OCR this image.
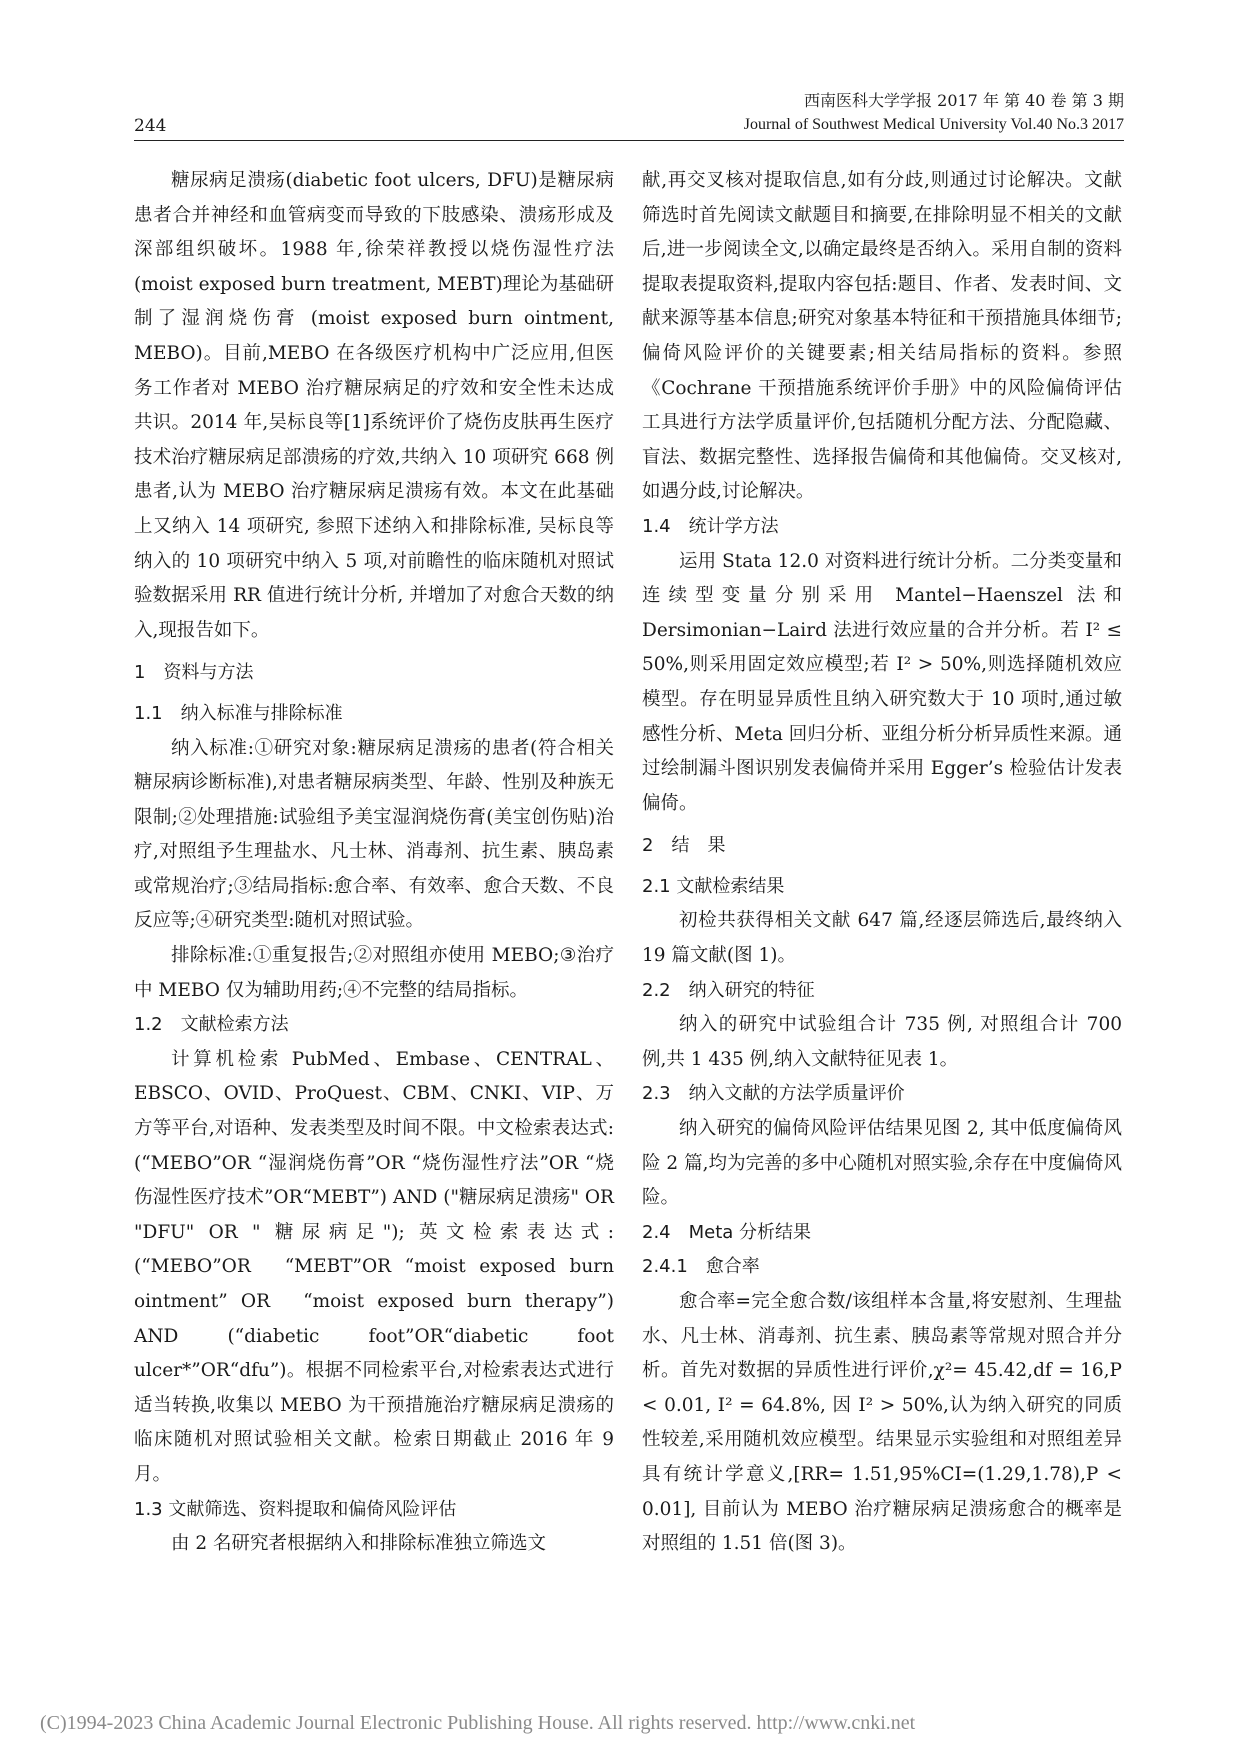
244
西南医科大学学报 2017 年 第 40 卷 第 3 期
Journal of Southwest Medical University Vol.40 No.3 2017

糖尿病足溃疡(diabetic foot ulcers, DFU)是糖尿病患者合并神经和血管病变而导致的下肢感染、溃疡形成及深部组织破坏。1988 年,徐荣祥教授以烧伤湿性疗法(moist exposed burn treatment, MEBT)理论为基础研制了湿润烧伤膏 (moist exposed burn ointment, MEBO)。目前,MEBO 在各级医疗机构中广泛应用,但医务工作者对 MEBO 治疗糖尿病足的疗效和安全性未达成共识。2014 年,吴标良等[1]系统评价了烧伤皮肤再生医疗技术治疗糖尿病足部溃疡的疗效,共纳入 10 项研究 668 例患者,认为 MEBO 治疗糖尿病足溃疡有效。本文在此基础上又纳入 14 项研究, 参照下述纳入和排除标准, 吴标良等纳入的 10 项研究中纳入 5 项,对前瞻性的临床随机对照试验数据采用 RR 值进行统计分析, 并增加了对愈合天数的纳入,现报告如下。

1　资料与方法
1.1　纳入标准与排除标准

纳入标准:①研究对象:糖尿病足溃疡的患者(符合相关糖尿病诊断标准),对患者糖尿病类型、年龄、性别及种族无限制;②处理措施:试验组予美宝湿润烧伤膏(美宝创伤贴)治疗,对照组予生理盐水、凡士林、消毒剂、抗生素、胰岛素或常规治疗;③结局指标:愈合率、有效率、愈合天数、不良反应等;④研究类型:随机对照试验。

排除标准:①重复报告;②对照组亦使用 MEBO;③治疗中 MEBO 仅为辅助用药;④不完整的结局指标。

1.2　文献检索方法

计算机检索 PubMed、Embase、CENTRAL、EBSCO、OVID、ProQuest、CBM、CNKI、VIP、万方等平台,对语种、发表类型及时间不限。中文检索表达式:(“MEBO”OR “湿润烧伤膏”OR “烧伤湿性疗法”OR “烧伤湿性医疗技术”OR“MEBT”) AND ("糖尿病足溃疡" OR "DFU" OR " 糖尿病足"); 英文检索表达式:(“MEBO”OR　“MEBT”OR “moist exposed burn ointment” OR　“moist exposed burn therapy”) AND (“diabetic foot”OR“diabetic foot ulcer*”OR“dfu”)。根据不同检索平台,对检索表达式进行适当转换,收集以 MEBO 为干预措施治疗糖尿病足溃疡的临床随机对照试验相关文献。检索日期截止 2016 年 9 月。

1.3 文献筛选、资料提取和偏倚风险评估

由 2 名研究者根据纳入和排除标准独立筛选文

献,再交叉核对提取信息,如有分歧,则通过讨论解决。文献筛选时首先阅读文献题目和摘要,在排除明显不相关的文献后,进一步阅读全文,以确定最终是否纳入。采用自制的资料提取表提取资料,提取内容包括:题目、作者、发表时间、文献来源等基本信息;研究对象基本特征和干预措施具体细节;偏倚风险评价的关键要素;相关结局指标的资料。参照《Cochrane 干预措施系统评价手册》中的风险偏倚评估工具进行方法学质量评价,包括随机分配方法、分配隐藏、盲法、数据完整性、选择报告偏倚和其他偏倚。交叉核对,如遇分歧,讨论解决。

1.4　统计学方法

运用 Stata 12.0 对资料进行统计分析。二分类变量和连续型变量分别采用 Mantel−Haenszel 法和 Dersimonian−Laird 法进行效应量的合并分析。若 I² ≤ 50%,则采用固定效应模型;若 I² > 50%,则选择随机效应模型。存在明显异质性且纳入研究数大于 10 项时,通过敏感性分析、Meta 回归分析、亚组分析分析异质性来源。通过绘制漏斗图识别发表偏倚并采用 Egger’s 检验估计发表偏倚。

2　结　果
2.1 文献检索结果

初检共获得相关文献 647 篇,经逐层筛选后,最终纳入 19 篇文献(图 1)。

2.2　纳入研究的特征

纳入的研究中试验组合计 735 例, 对照组合计 700 例,共 1 435 例,纳入文献特征见表 1。

2.3　纳入文献的方法学质量评价

纳入研究的偏倚风险评估结果见图 2, 其中低度偏倚风险 2 篇,均为完善的多中心随机对照实验,余存在中度偏倚风险。

2.4　Meta 分析结果
2.4.1　愈合率

愈合率=完全愈合数/该组样本含量,将安慰剂、生理盐水、凡士林、消毒剂、抗生素、胰岛素等常规对照合并分析。首先对数据的异质性进行评价,χ²= 45.42,df = 16,P < 0.01, I² = 64.8%, 因 I² > 50%,认为纳入研究的同质性较差,采用随机效应模型。结果显示实验组和对照组差异具有统计学意义,[RR= 1.51,95%CI=(1.29,1.78),P < 0.01], 目前认为 MEBO 治疗糖尿病足溃疡愈合的概率是对照组的 1.51 倍(图 3)。

(C)1994-2023 China Academic Journal Electronic Publishing House. All rights reserved. http://www.cnki.net
